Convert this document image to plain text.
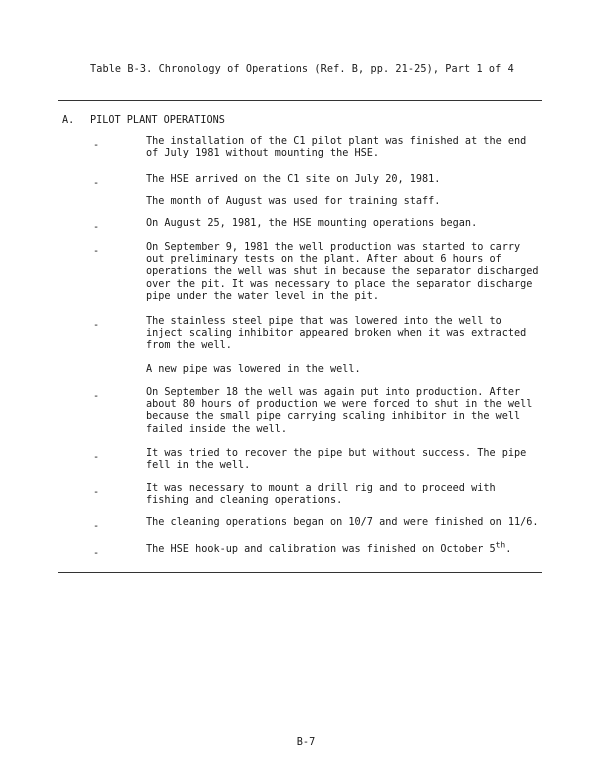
Table B-3. Chronology of Operations (Ref. B, pp. 21-25), Part 1 of 4
A. PILOT PLANT OPERATIONS
-	The installation of the C1 pilot plant was finished at the end
of July 1981 without mounting the HSE.
-	The HSE arrived on the C1 site on July 20, 1981.
The month of August was used for training staff.
-	On August 25, 1981, the HSE mounting operations began.
-	On September 9, 1981 the well production was started to carry
out preliminary tests on the plant. After about 6 hours of
operations the well was shut in because the separator discharged
over the pit. It was necessary to place the separator discharge
pipe under the water level in the pit.
-	The stainless steel pipe that was lowered into the well to
inject scaling inhibitor appeared broken when it was extracted
from the well.
A new pipe was lowered in the well.
-	On September 18 the well was again put into production. After
about 80 hours of production we were forced to shut in the well
because the small pipe carrying scaling inhibitor in the well
failed inside the well.
-	It was tried to recover the pipe but without success. The pipe
fell in the well.
-	It was necessary to mount a drill rig and to proceed with
fishing and cleaning operations.
-	The cleaning operations began on 10/7 and were finished on 11/6.
-	The HSE hook-up and calibration was finished on October 5th.
B-7
